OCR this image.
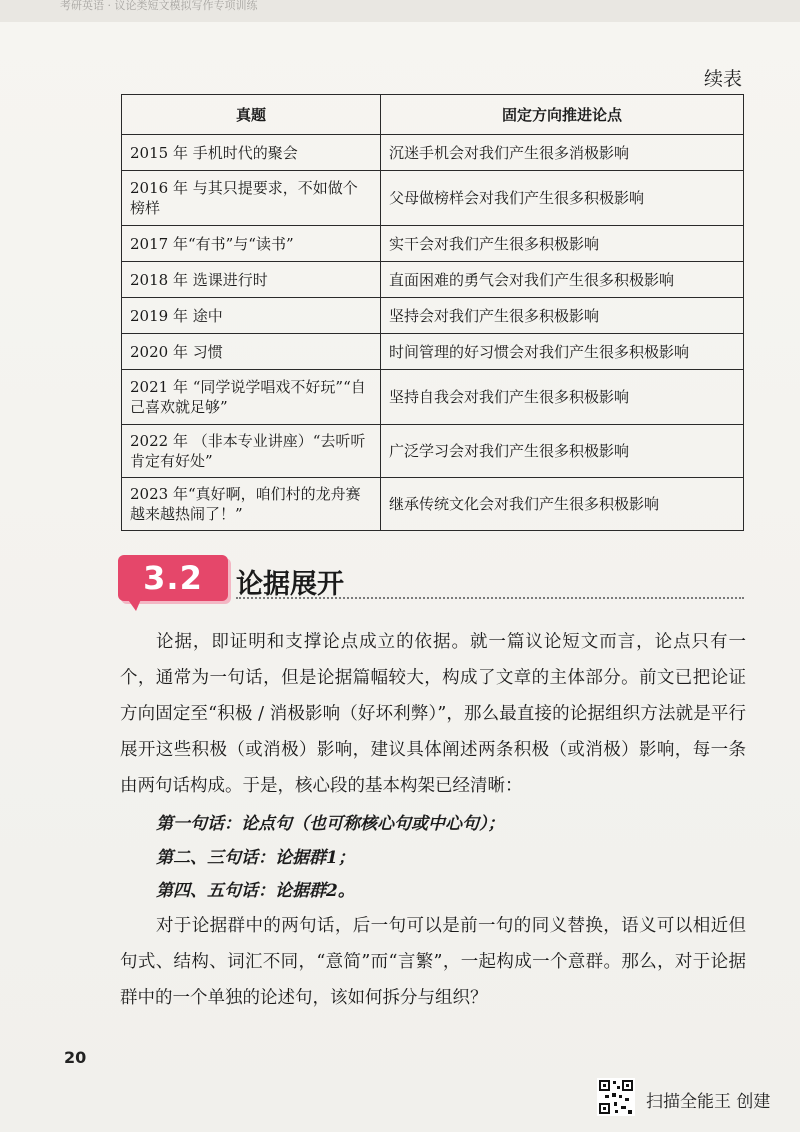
考研英语 · 议论类短文模拟写作专项训练
续表
真题	固定方向推进论点
2015 年 手机时代的聚会	沉迷手机会对我们产生很多消极影响
2016 年 与其只提要求，不如做个榜样	父母做榜样会对我们产生很多积极影响
2017 年“有书”与“读书”	实干会对我们产生很多积极影响
2018 年 选课进行时	直面困难的勇气会对我们产生很多积极影响
2019 年 途中	坚持会对我们产生很多积极影响
2020 年 习惯	时间管理的好习惯会对我们产生很多积极影响
2021 年 “同学说学唱戏不好玩”“自己喜欢就足够”	坚持自我会对我们产生很多积极影响
2022 年 （非本专业讲座）“去听听肯定有好处”	广泛学习会对我们产生很多积极影响
2023 年“真好啊，咱们村的龙舟赛越来越热闹了！”	继承传统文化会对我们产生很多积极影响
3.2	论据展开
论据，即证明和支撑论点成立的依据。就一篇议论短文而言，论点只有一个，通常为一句话，但是论据篇幅较大，构成了文章的主体部分。前文已把论证方向固定至“积极 / 消极影响（好坏利弊）”，那么最直接的论据组织方法就是平行展开这些积极（或消极）影响，建议具体阐述两条积极（或消极）影响，每一条由两句话构成。于是，核心段的基本构架已经清晰：
第一句话：论点句（也可称核心句或中心句）；
第二、三句话：论据群1；
第四、五句话：论据群2。
对于论据群中的两句话，后一句可以是前一句的同义替换，语义可以相近但句式、结构、词汇不同，“意简”而“言繁”，一起构成一个意群。那么，对于论据群中的一个单独的论述句，该如何拆分与组织？
20
扫描全能王 创建
